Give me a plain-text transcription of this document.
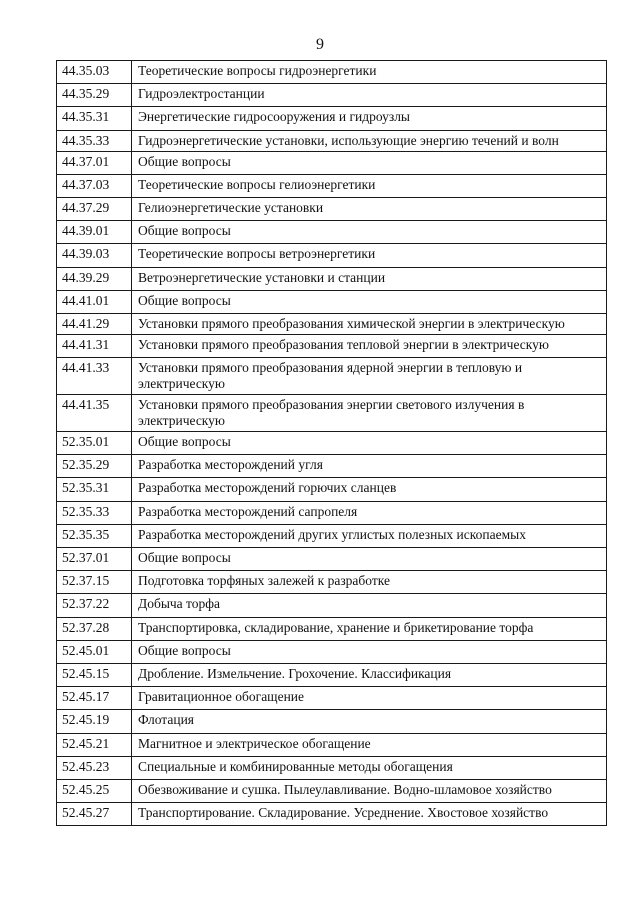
9
44.35.03	Теоретические вопросы гидроэнергетики
44.35.29	Гидроэлектростанции
44.35.31	Энергетические гидросооружения и гидроузлы
44.35.33	Гидроэнергетические установки, использующие энергию течений и волн
44.37.01	Общие вопросы
44.37.03	Теоретические вопросы гелиоэнергетики
44.37.29	Гелиоэнергетические установки
44.39.01	Общие вопросы
44.39.03	Теоретические вопросы ветроэнергетики
44.39.29	Ветроэнергетические установки и станции
44.41.01	Общие вопросы
44.41.29	Установки прямого преобразования химической энергии в электрическую
44.41.31	Установки прямого преобразования тепловой энергии в электрическую
44.41.33	Установки прямого преобразования ядерной энергии в тепловую и электрическую
44.41.35	Установки прямого преобразования энергии светового излучения в электрическую
52.35.01	Общие вопросы
52.35.29	Разработка месторождений угля
52.35.31	Разработка месторождений горючих сланцев
52.35.33	Разработка месторождений сапропеля
52.35.35	Разработка месторождений других углистых полезных ископаемых
52.37.01	Общие вопросы
52.37.15	Подготовка торфяных залежей к разработке
52.37.22	Добыча торфа
52.37.28	Транспортировка, складирование, хранение и брикетирование торфа
52.45.01	Общие вопросы
52.45.15	Дробление. Измельчение. Грохочение. Классификация
52.45.17	Гравитационное обогащение
52.45.19	Флотация
52.45.21	Магнитное и электрическое обогащение
52.45.23	Специальные и комбинированные методы обогащения
52.45.25	Обезвоживание и сушка. Пылеулавливание. Водно-шламовое хозяйство
52.45.27	Транспортирование. Складирование. Усреднение. Хвостовое хозяйство
